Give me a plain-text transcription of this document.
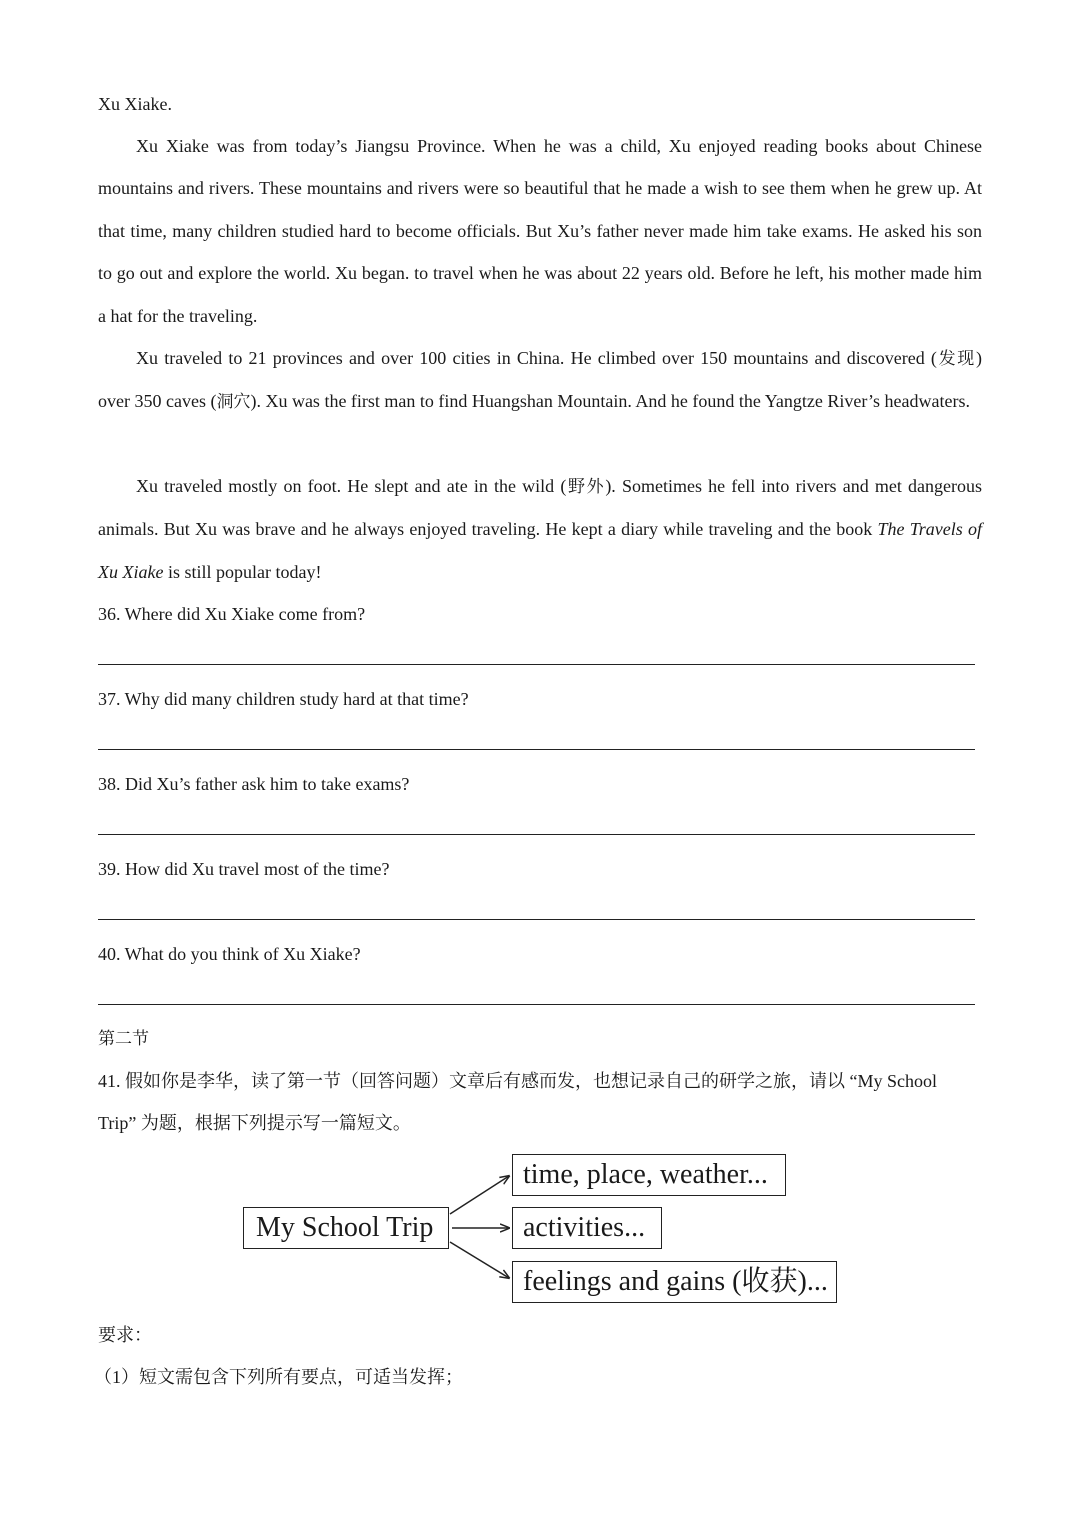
Xu Xiake.
Xu Xiake was from today’s Jiangsu Province. When he was a child, Xu enjoyed reading books about Chinese mountains and rivers. These mountains and rivers were so beautiful that he made a wish to see them when he grew up. At that time, many children studied hard to become officials. But Xu’s father never made him take exams. He asked his son to go out and explore the world. Xu began. to travel when he was about 22 years old. Before he left, his mother made him a hat for the traveling.
Xu traveled to 21 provinces and over 100 cities in China. He climbed over 150 mountains and discovered (发现) over 350 caves (洞穴). Xu was the first man to find Huangshan Mountain. And he found the Yangtze River’s headwaters.
Xu traveled mostly on foot. He slept and ate in the wild (野外). Sometimes he fell into rivers and met dangerous animals. But Xu was brave and he always enjoyed traveling. He kept a diary while traveling and the book The Travels of Xu Xiake is still popular today!
36. Where did Xu Xiake come from?
37. Why did many children study hard at that time?
38. Did Xu’s father ask him to take exams?
39. How did Xu travel most of the time?
40. What do you think of Xu Xiake?
第二节
41. 假如你是李华，读了第一节（回答问题）文章后有感而发，也想记录自己的研学之旅，请以 “My School
Trip” 为题，根据下列提示写一篇短文。
要求：
（1）短文需包含下列所有要点，可适当发挥；
My School Trip
time, place, weather...
activities...
feelings and gains (收获)...
